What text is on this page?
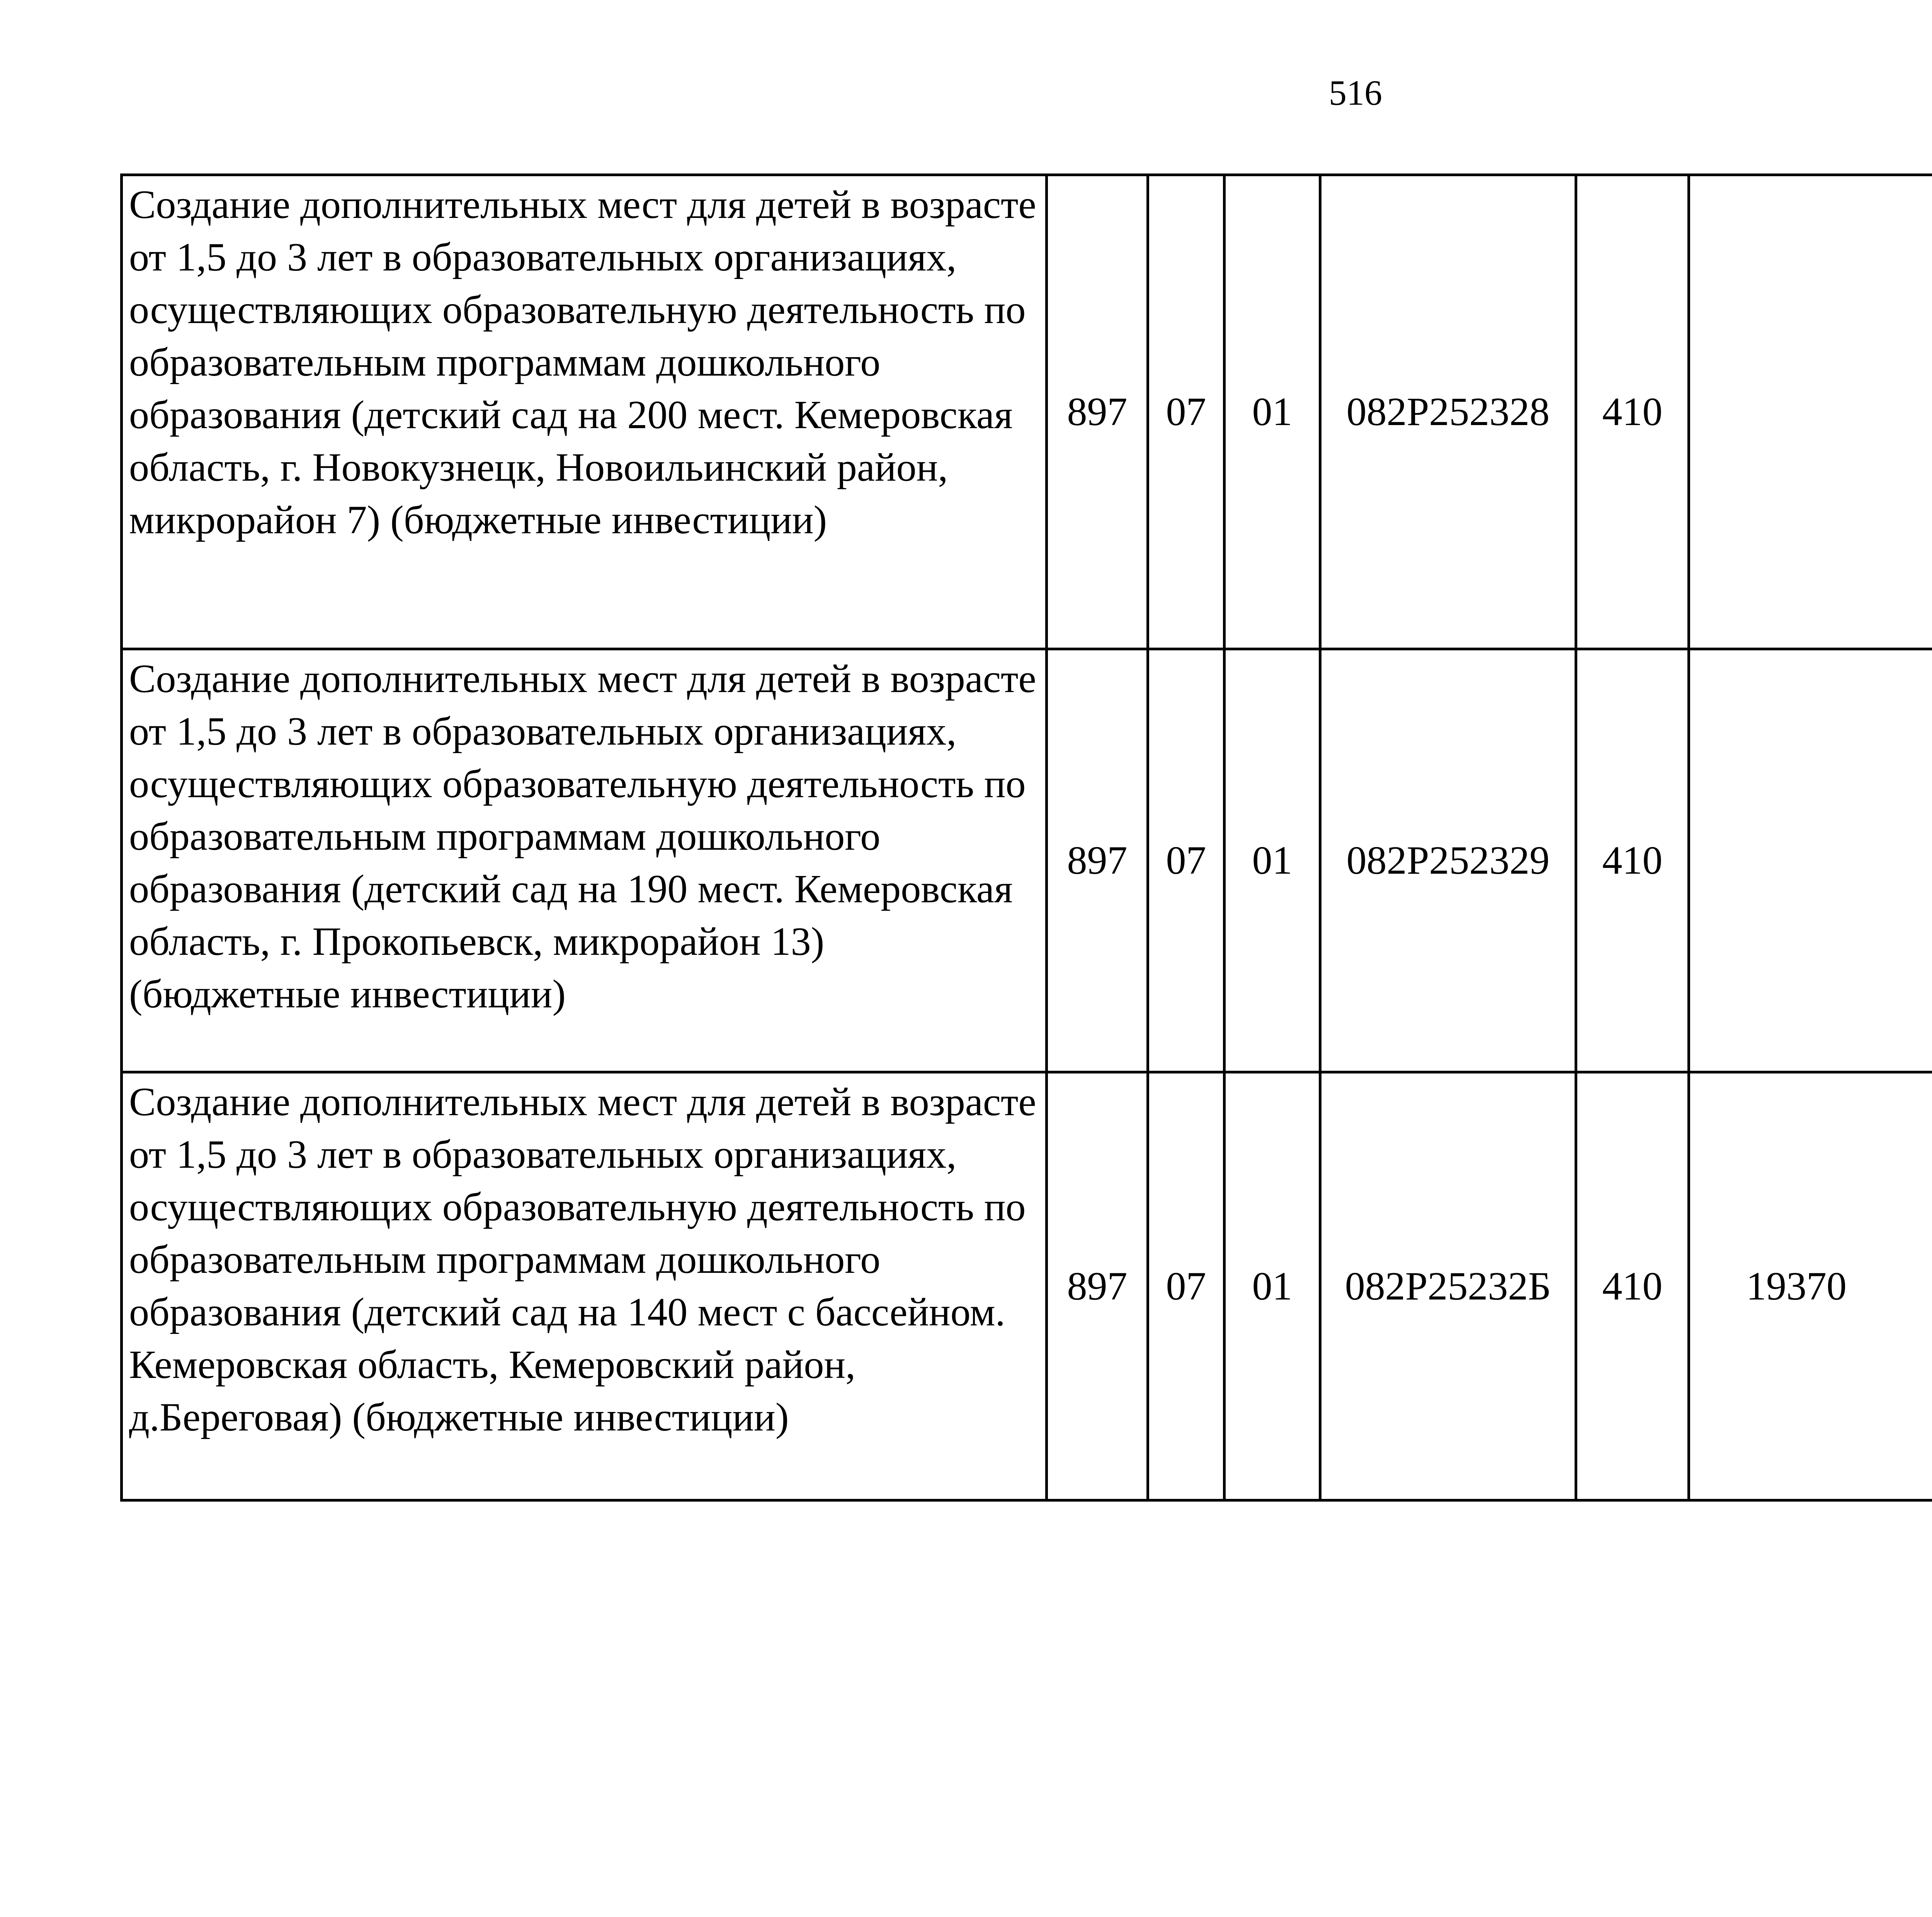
516
Создание дополнительных мест для детей в возрасте от 1,5 до 3 лет в образовательных организациях, осуществляющих образовательную деятельность по образовательным программам дошкольного образования (детский сад на 200 мест. Кемеровская область, г. Новокузнецк, Новоильинский район, микрорайон 7) (бюджетные инвестиции)	897	07	01	082P252328	410			
Создание дополнительных мест для детей в возрасте от 1,5 до 3 лет в образовательных организациях, осуществляющих образовательную деятельность по образовательным программам дошкольного образования (детский сад на 190 мест. Кемеровская область, г. Прокопьевск, микрорайон 13) (бюджетные инвестиции)	897	07	01	082P252329	410			
Создание дополнительных мест для детей в возрасте от 1,5 до 3 лет в образовательных организациях, осуществляющих образовательную деятельность по образовательным программам дошкольного образования (детский сад на 140 мест с бассейном. Кемеровская область, Кемеровский район, д.Береговая) (бюджетные инвестиции)	897	07	01	082P25232Б	410	19370		
